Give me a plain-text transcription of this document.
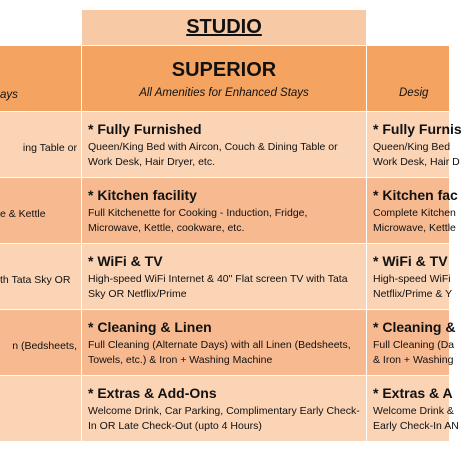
STUDIO
ays
SUPERIOR
All Amenities for Enhanced Stays	Desig
ing Table or
* Fully Furnished
Queen/King Bed with Aircon, Couch & Dining Table or
Work Desk, Hair Dryer, etc.
* Fully Furnis
Queen/King Bed
Work Desk, Hair D
e & Kettle
* Kitchen facility
Full Kitchenette for Cooking - Induction, Fridge,
Microwave, Kettle, cookware, etc.
* Kitchen fac
Complete Kitchen
Microwave, Kettle
th Tata Sky OR
* WiFi & TV
High-speed WiFi Internet & 40" Flat screen TV with Tata
Sky OR Netflix/Prime
* WiFi & TV
High-speed WiFi
Netflix/Prime & Y
n (Bedsheets,
* Cleaning & Linen
Full Cleaning (Alternate Days) with all Linen (Bedsheets,
Towels, etc.) & Iron + Washing Machine
* Cleaning &
Full Cleaning (Da
& Iron + Washing
* Extras & Add-Ons
Welcome Drink, Car Parking, Complimentary Early Check-
In OR Late Check-Out (upto 4 Hours)
* Extras & A
Welcome Drink &
Early Check-In AN
